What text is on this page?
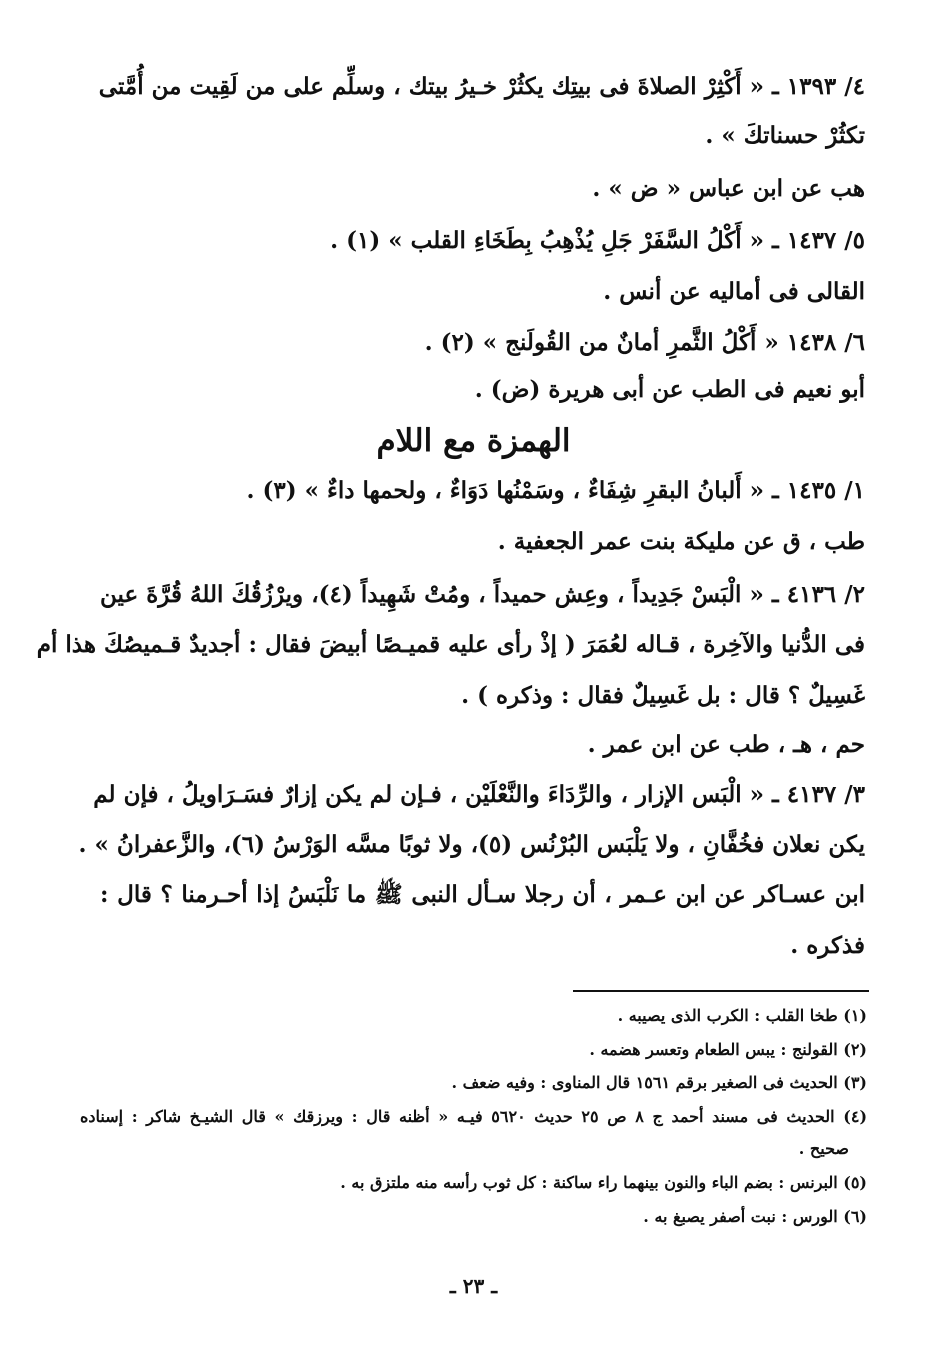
٤/ ١٣٩٣ ـ « أَكْثِرْ الصلاةَ فى بيتِك يكثُرْ خـيرُ بيتك ، وسلِّم على من لَقِيت من أُمَّتى
تكثُرْ حسناتكَ » .
هب عن ابن عباس « ض » .
٥/ ١٤٣٧ ـ « أَكْلُ السَّفَرْ جَلِ يُذْهِبُ بِطَخَاءِ القلب » (١) .
القالى فى أماليه عن أنس .
٦/ ١٤٣٨ « أَكْلُ الثَّمرِ أمانٌ من القُولَنج » (٢) .
أبو نعيم فى الطب عن أبى هريرة (ض) .
الهمزة مع اللام
١/ ١٤٣٥ ـ « أَلبانُ البقرِ شِفَاءٌ ، وسَمْنُها دَوَاءٌ ، ولحمها داءٌ » (٣) .
طب ، ق عن مليكة بنت عمر الجعفية .
٢/ ٤١٣٦ ـ « الْبَسْ جَدِيداً ، وعِش حميداً ، ومُتْ شَهِيداً (٤)، ويرْزُقُكَ اللهُ قُرَّةَ عين
فى الدُّنيا والآخِرة ، قـاله لعُمَرَ ( إذْ رأى عليه قميـصًا أبيضَ فقال : أجديدٌ قـميصُكَ هذا أم
غَسِيلٌ ؟ قال : بل غَسِيلٌ فقال : وذكره ) .
حم ، هـ ، طب عن ابن عمر .
٣/ ٤١٣٧ ـ « الْبَس الإزار ، والرِّدَاءَ والنَّعْلَيْن ، فـإن لم يكن إزارٌ فسَـرَاويلُ ، فإن لم
يكن نعلان فخُفَّانِ ، ولا يَلْبَس البُرْنُس (٥)، ولا ثوبًا مسَّه الوَرْسُ (٦)، والزَّعفرانُ » .
ابن عسـاكر عن ابن عـمر ، أن رجلا سـأل النبى ﷺ ما نَلْبَسُ إذا أحـرمنا ؟ قال :
فذكره .
(١) طخا القلب : الكرب الذى يصيبه .
(٢) القولنج : يبس الطعام وتعسر هضمه .
(٣) الحديث فى الصغير برقم ١٥٦١ قال المناوى : وفيه ضعف .
(٤) الحديث فى مسند أحمد ج ٨ ص ٢٥ حديث ٥٦٢٠ فيـه « أظنه قال : ويرزقك » قال الشيـخ شاكر : إسناده
صحيح .
(٥) البرنس : بضم الباء والنون بينهما راء ساكنة : كل ثوب رأسه منه ملتزق به .
(٦) الورس : نبت أصفر يصبغ به .
ـ ٢٣ ـ
